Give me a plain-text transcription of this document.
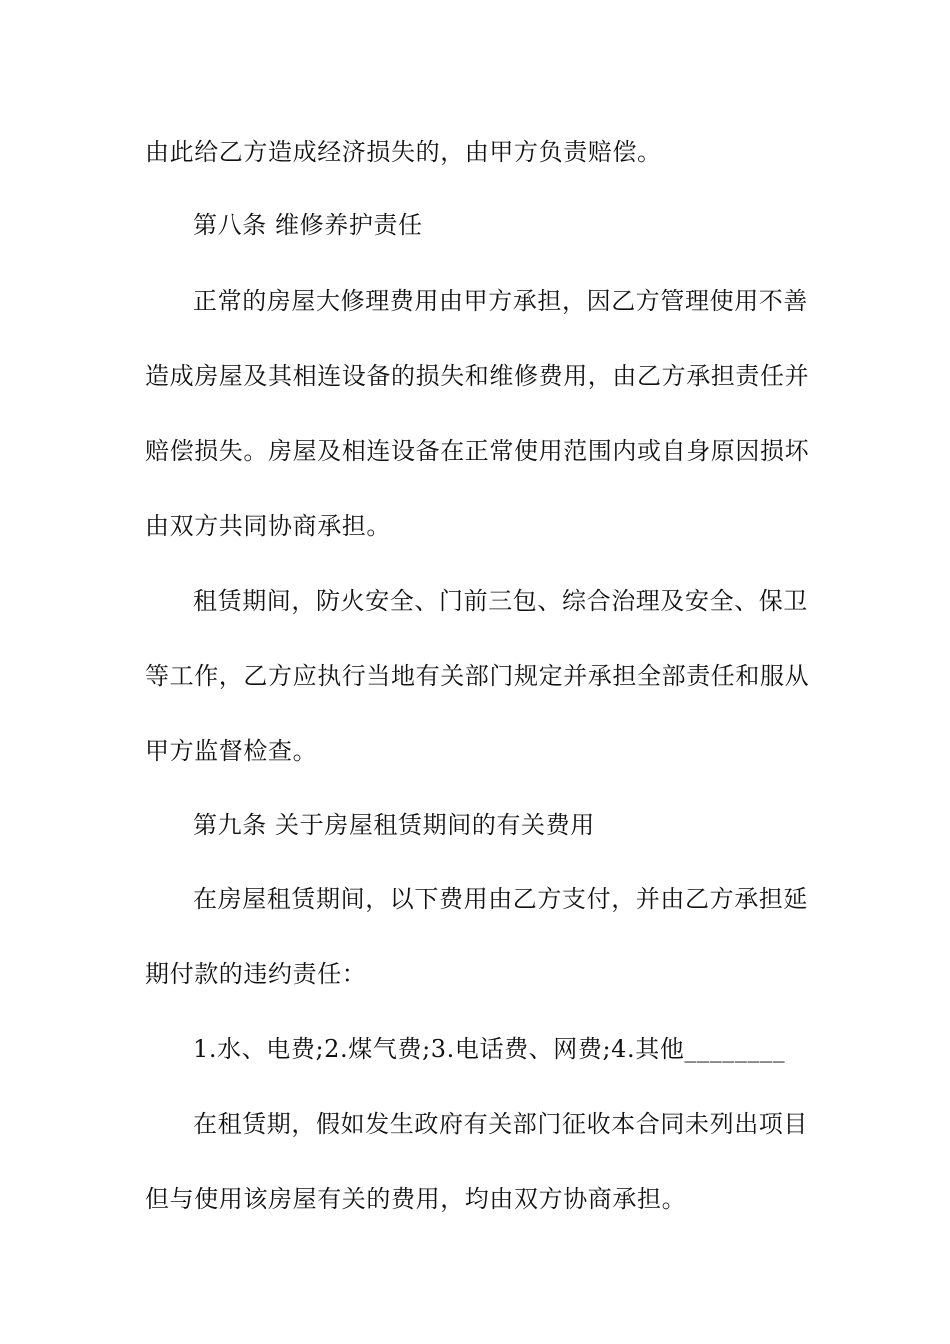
由此给乙方造成经济损失的，由甲方负责赔偿。
第八条 维修养护责任
正常的房屋大修理费用由甲方承担，因乙方管理使用不善
造成房屋及其相连设备的损失和维修费用，由乙方承担责任并
赔偿损失。房屋及相连设备在正常使用范围内或自身原因损坏
由双方共同协商承担。
租赁期间，防火安全、门前三包、综合治理及安全、保卫
等工作，乙方应执行当地有关部门规定并承担全部责任和服从
甲方监督检查。
第九条 关于房屋租赁期间的有关费用
在房屋租赁期间，以下费用由乙方支付，并由乙方承担延
期付款的违约责任：
1.水、电费;2.煤气费;3.电话费、网费;4.其他________
在租赁期，假如发生政府有关部门征收本合同未列出项目
但与使用该房屋有关的费用，均由双方协商承担。
